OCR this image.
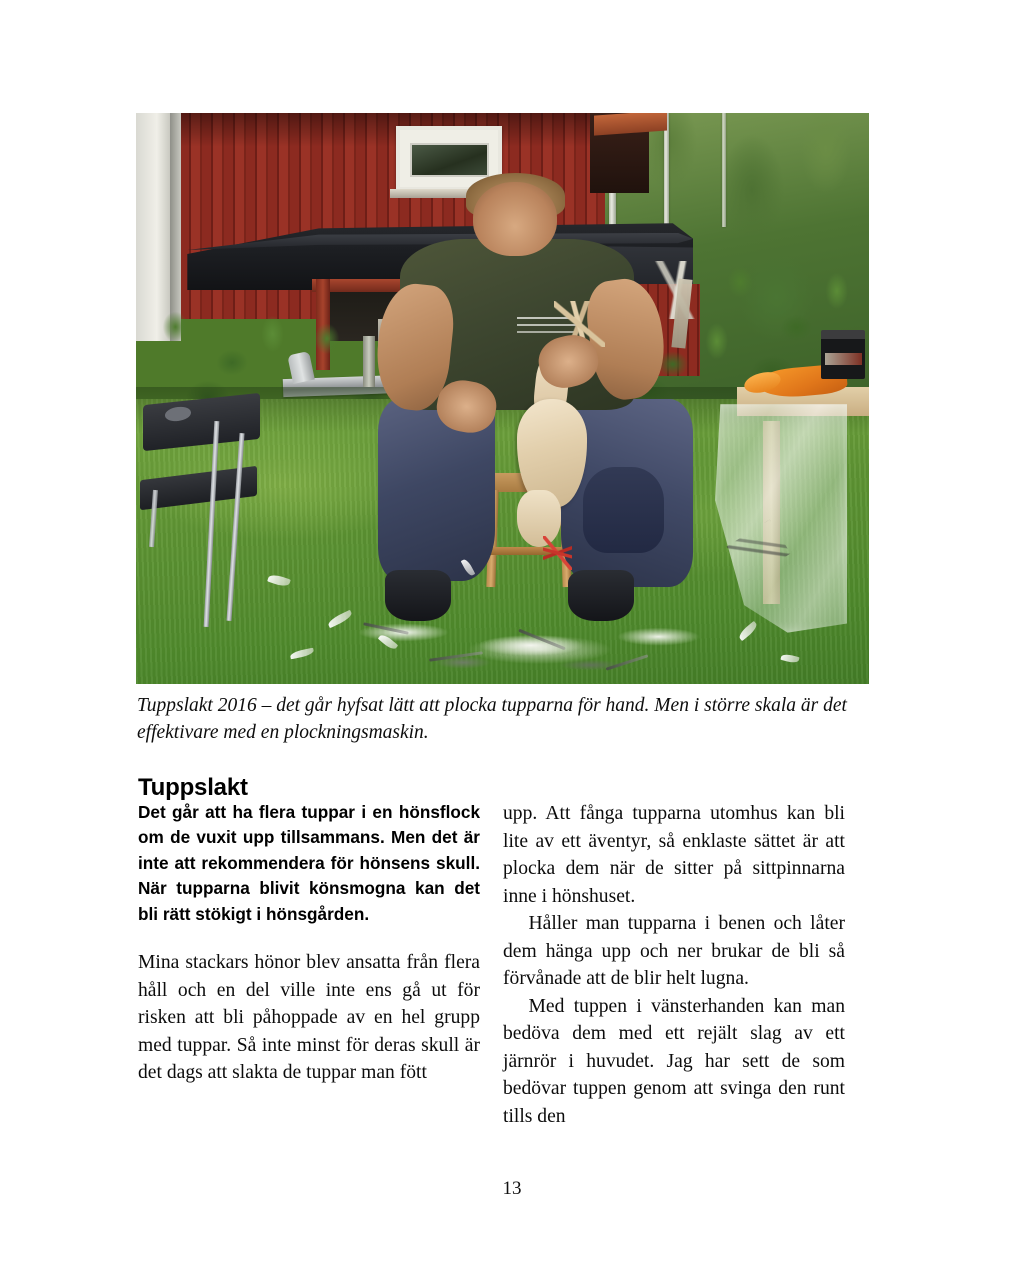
Tuppslakt 2016 – det går hyfsat lätt att plocka tupparna för hand. Men i större skala är det effektivare med en plockningsmaskin.
Tuppslakt

Det går att ha flera tuppar i en hönsflock om de vuxit upp tillsammans. Men det är inte att rekommendera för hönsens skull. När tupparna blivit könsmogna kan det bli rätt stökigt i hönsgården.

Mina stackars hönor blev ansatta från flera håll och en del ville inte ens gå ut för risken att bli påhoppade av en hel grupp med tuppar. Så inte minst för deras skull är det dags att slakta de tuppar man fött

upp. Att fånga tupparna utomhus kan bli lite av ett äventyr, så enklaste sättet är att plocka dem när de sitter på sittpinnarna inne i hönshuset.

Håller man tupparna i benen och låter dem hänga upp och ner brukar de bli så förvånade att de blir helt lugna.

Med tuppen i vänsterhanden kan man bedöva dem med ett rejält slag av ett järnrör i huvudet. Jag har sett de som bedövar tuppen genom att svinga den runt tills den

13
